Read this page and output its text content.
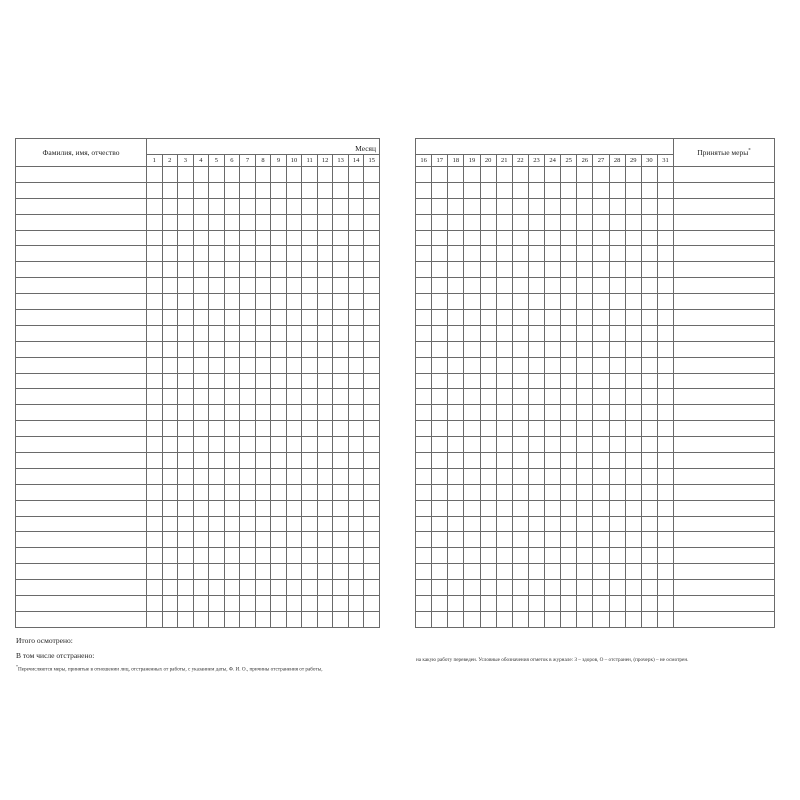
Фамилия, имя, отчество	Месяц														
	1	2	3	4	5	6	7	8	9	10	11	12	13	14	15

																Принятые меры*
16	17	18	19	20	21	22	23	24	25	26	27	28	29	30	31	

Итого осмотрено:
В том числе отстранено:
*Перечисляются меры, принятые в отношении лиц, отстраненных от работы, с указанием даты, Ф. И. О., причины отстранения от работы,
на какую работу переведен. Условные обозначения отметок в журнале: З – здоров, О – отстранен, (прочерк) – не осмотрен.
